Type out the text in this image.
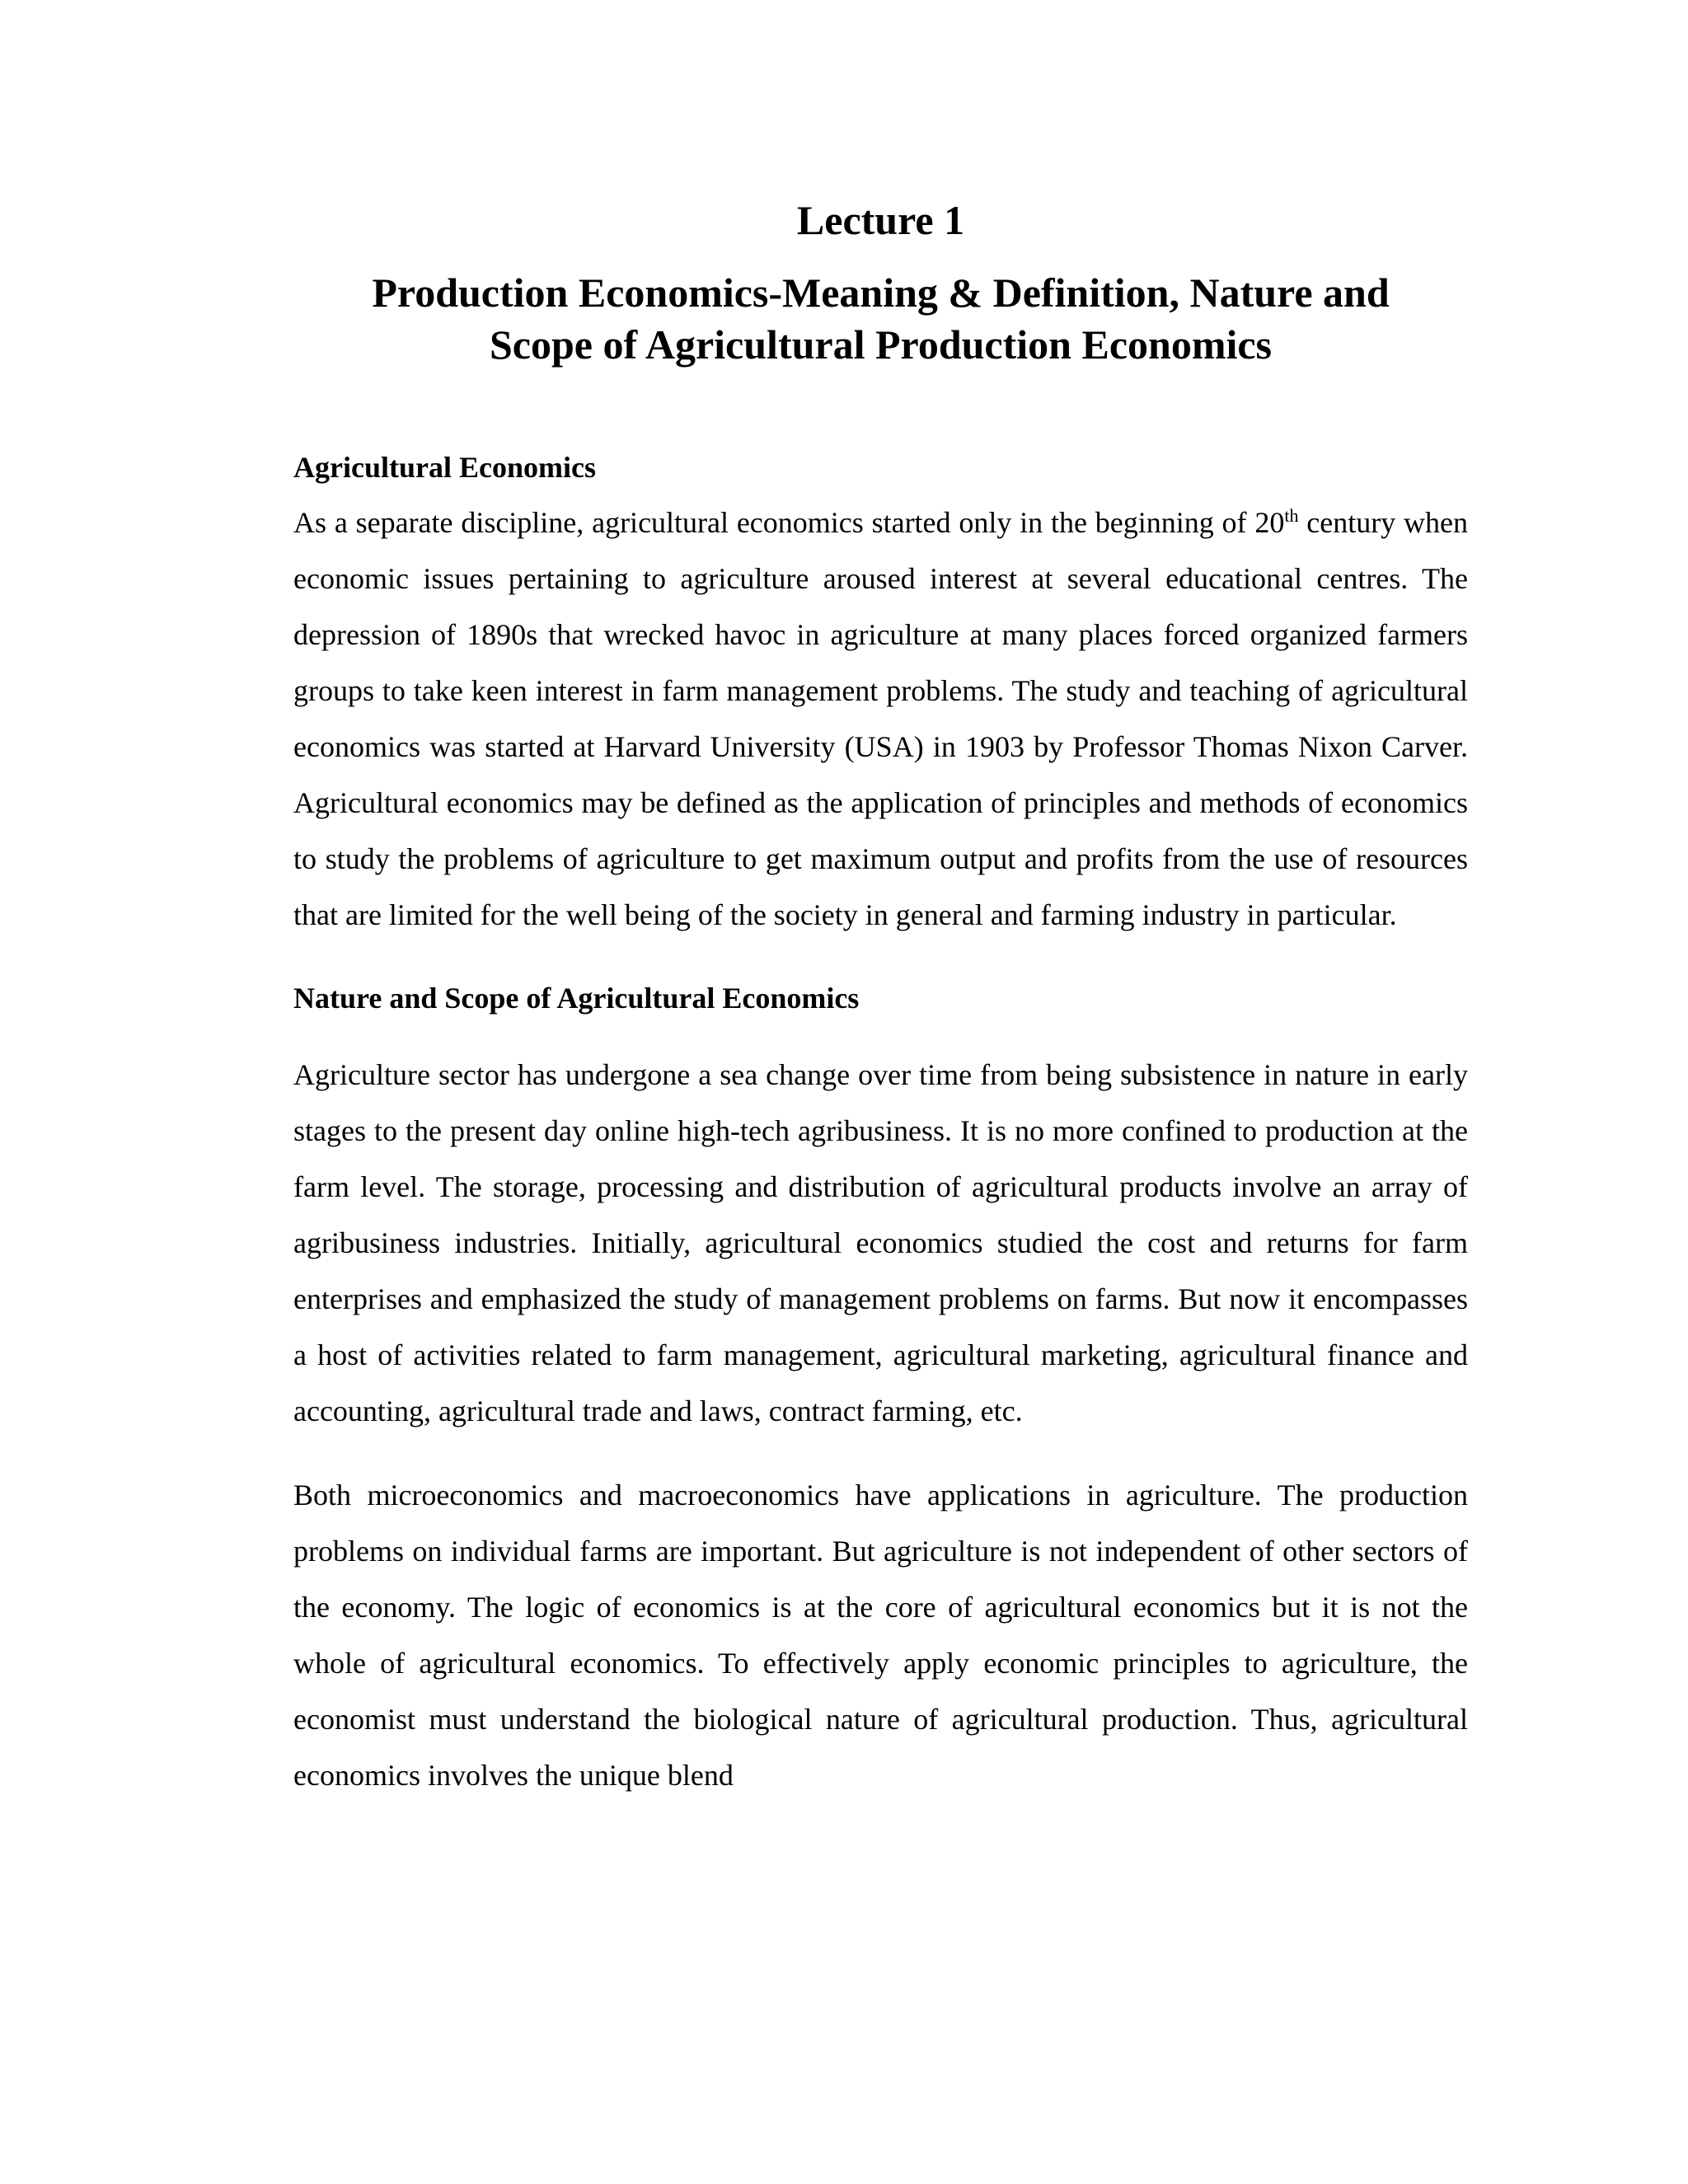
Lecture 1
Production Economics-Meaning & Definition, Nature and
Scope of Agricultural Production Economics
Agricultural Economics

As a separate discipline, agricultural economics started only in the beginning of 20th century when economic issues pertaining to agriculture aroused interest at several educational centres. The depression of 1890s that wrecked havoc in agriculture at many places forced organized farmers groups to take keen interest in farm management problems. The study and teaching of agricultural economics was started at Harvard University (USA) in 1903 by Professor Thomas Nixon Carver. Agricultural economics may be defined as the application of principles and methods of economics to study the problems of agriculture to get maximum output and profits from the use of resources that are limited for the well being of the society in general and farming industry in particular.

Nature and Scope of Agricultural Economics

Agriculture sector has undergone a sea change over time from being subsistence in nature in early stages to the present day online high-tech agribusiness. It is no more confined to production at the farm level. The storage, processing and distribution of agricultural products involve an array of agribusiness industries. Initially, agricultural economics studied the cost and returns for farm enterprises and emphasized the study of management problems on farms. But now it encompasses a host of activities related to farm management, agricultural marketing, agricultural finance and accounting, agricultural trade and laws, contract farming, etc.

Both microeconomics and macroeconomics have applications in agriculture. The production problems on individual farms are important. But agriculture is not independent of other sectors of the economy. The logic of economics is at the core of agricultural economics but it is not the whole of agricultural economics. To effectively apply economic principles to agriculture, the economist must understand the biological nature of agricultural production. Thus, agricultural economics involves the unique blend
